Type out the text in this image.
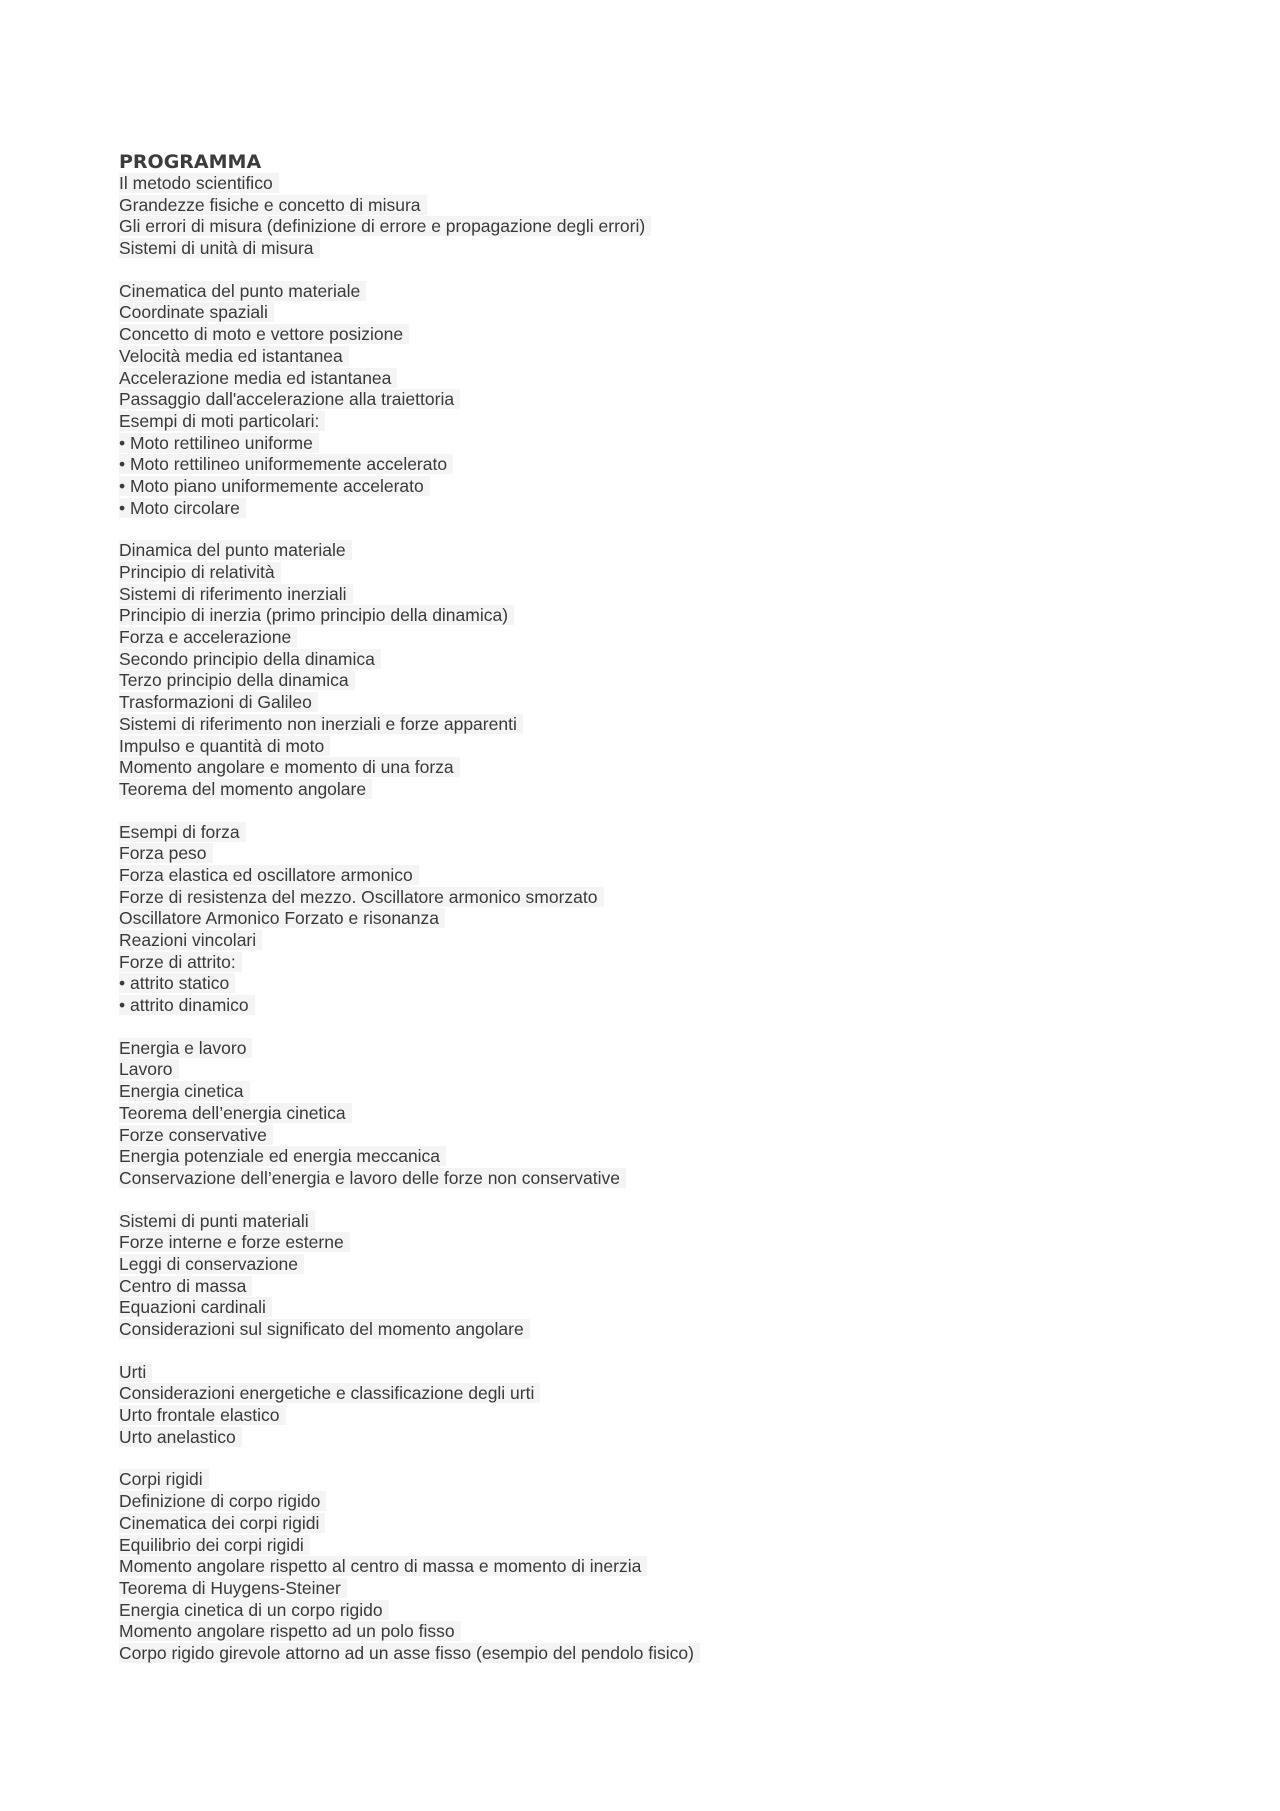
PROGRAMMA
Il metodo scientifico
Grandezze fisiche e concetto di misura
Gli errori di misura (definizione di errore e propagazione degli errori)
Sistemi di unità di misura
Cinematica del punto materiale
Coordinate spaziali
Concetto di moto e vettore posizione
Velocità media ed istantanea
Accelerazione media ed istantanea
Passaggio dall'accelerazione alla traiettoria
Esempi di moti particolari:
• Moto rettilineo uniforme
• Moto rettilineo uniformemente accelerato
• Moto piano uniformemente accelerato
• Moto circolare
Dinamica del punto materiale
Principio di relatività
Sistemi di riferimento inerziali
Principio di inerzia (primo principio della dinamica)
Forza e accelerazione
Secondo principio della dinamica
Terzo principio della dinamica
Trasformazioni di Galileo
Sistemi di riferimento non inerziali e forze apparenti
Impulso e quantità di moto
Momento angolare e momento di una forza
Teorema del momento angolare
Esempi di forza
Forza peso
Forza elastica ed oscillatore armonico
Forze di resistenza del mezzo. Oscillatore armonico smorzato
Oscillatore Armonico Forzato e risonanza
Reazioni vincolari
Forze di attrito:
• attrito statico
• attrito dinamico
Energia e lavoro
Lavoro
Energia cinetica
Teorema dell’energia cinetica
Forze conservative
Energia potenziale ed energia meccanica
Conservazione dell’energia e lavoro delle forze non conservative
Sistemi di punti materiali
Forze interne e forze esterne
Leggi di conservazione
Centro di massa
Equazioni cardinali
Considerazioni sul significato del momento angolare
Urti
Considerazioni energetiche e classificazione degli urti
Urto frontale elastico
Urto anelastico
Corpi rigidi
Definizione di corpo rigido
Cinematica dei corpi rigidi
Equilibrio dei corpi rigidi
Momento angolare rispetto al centro di massa e momento di inerzia
Teorema di Huygens-Steiner
Energia cinetica di un corpo rigido
Momento angolare rispetto ad un polo fisso
Corpo rigido girevole attorno ad un asse fisso (esempio del pendolo fisico)
